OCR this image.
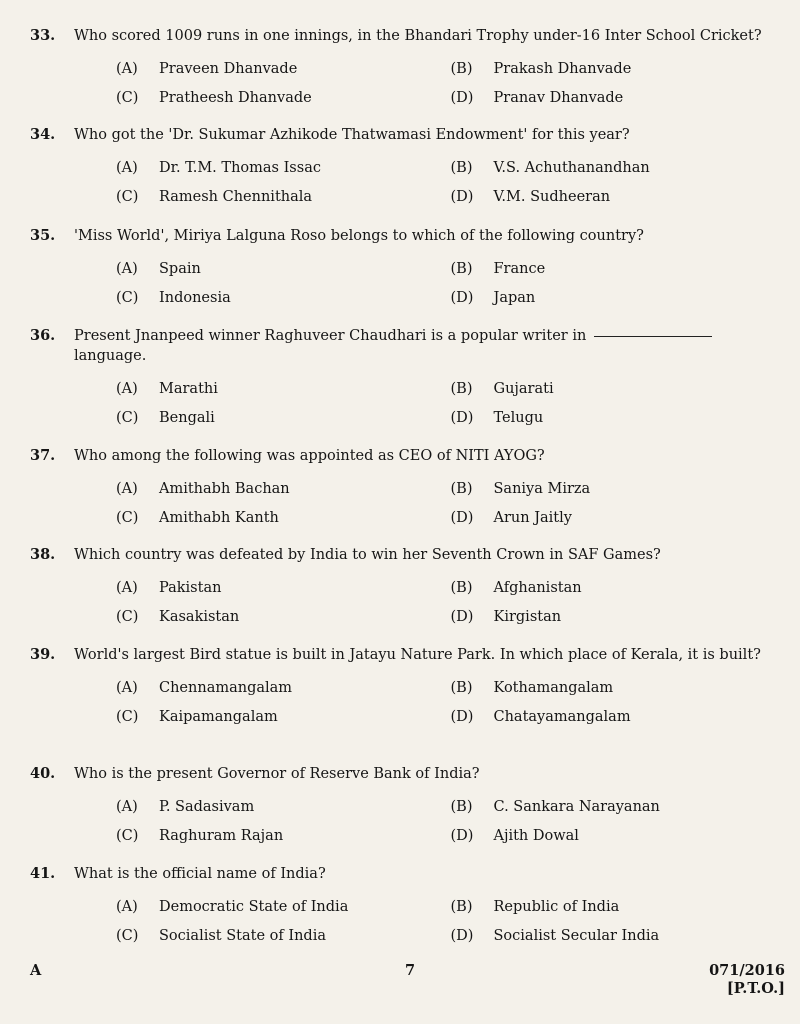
33.	Who scored 1009 runs in one innings, in the Bhandari Trophy under-16 Inter School Cricket?
(A)	Praveen Dhanvade	(B)	Prakash Dhanvade
(C)	Pratheesh Dhanvade	(D)	Pranav Dhanvade
34.	Who got the 'Dr. Sukumar Azhikode Thatwamasi Endowment' for this year?
(A)	Dr. T.M. Thomas Issac	(B)	V.S. Achuthanandhan
(C)	Ramesh Chennithala	(D)	V.M. Sudheeran
35.	'Miss World', Miriya Lalguna Roso belongs to which of the following country?
(A)	Spain	(B)	France
(C)	Indonesia	(D)	Japan
36.	Present Jnanpeed winner Raghuveer Chaudhari is a popular writer in
language.
(A)	Marathi	(B)	Gujarati
(C)	Bengali	(D)	Telugu
37.	Who among the following was appointed as CEO of NITI AYOG?
(A)	Amithabh Bachan	(B)	Saniya Mirza
(C)	Amithabh Kanth	(D)	Arun Jaitly
38.	Which country was defeated by India to win her Seventh Crown in SAF Games?
(A)	Pakistan	(B)	Afghanistan
(C)	Kasakistan	(D)	Kirgistan
39.	World's largest Bird statue is built in Jatayu Nature Park. In which place of Kerala, it is built?
(A)	Chennamangalam	(B)	Kothamangalam
(C)	Kaipamangalam	(D)	Chatayamangalam
40.	Who is the present Governor of Reserve Bank of India?
(A)	P. Sadasivam	(B)	C. Sankara Narayanan
(C)	Raghuram Rajan	(D)	Ajith Dowal
41.	What is the official name of India?
(A)	Democratic State of India	(B)	Republic of India
(C)	Socialist State of India	(D)	Socialist Secular India
A	7	071/2016
[P.T.O.]
